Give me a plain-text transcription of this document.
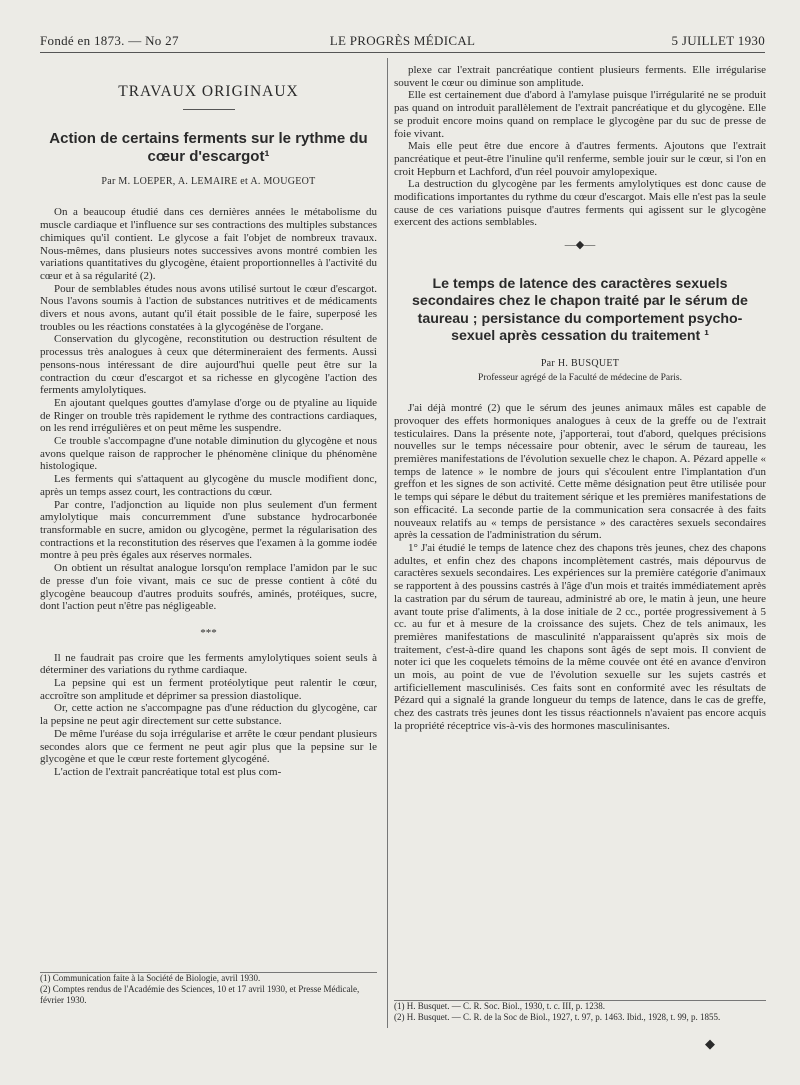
Fondé en 1873. — No 27	LE PROGRÈS MÉDICAL	5 JUILLET 1930
TRAVAUX ORIGINAUX
Action de certains ferments sur le rythme du cœur d'escargot¹
Par M. LOEPER, A. LEMAIRE et A. MOUGEOT

On a beaucoup étudié dans ces dernières années le métabolisme du muscle cardiaque et l'influence sur ses contractions des multiples substances chimiques qu'il contient. Le glycose a fait l'objet de nombreux travaux. Nous-mêmes, dans plusieurs notes successives avons montré combien les variations quantitatives du glycogène, étaient proportionnelles à l'activité du cœur et à sa régularité (2).

Pour de semblables études nous avons utilisé surtout le cœur d'escargot. Nous l'avons soumis à l'action de substances nutritives et de médicaments divers et nous avons, autant qu'il était possible de le faire, superposé les troubles ou les réactions constatées à la glycogénèse de l'organe.

Conservation du glycogène, reconstitution ou destruction résultent de processus très analogues à ceux que détermineraient des ferments. Aussi pensons-nous intéressant de dire aujourd'hui quelle peut être sur la contraction du cœur d'escargot et sa richesse en glycogène l'action des ferments amylolytiques.

En ajoutant quelques gouttes d'amylase d'orge ou de ptyaline au liquide de Ringer on trouble très rapidement le rythme des contractions cardiaques, on les rend irrégulières et on peut même les suspendre.

Ce trouble s'accompagne d'une notable diminution du glycogène et nous avons quelque raison de rapprocher le phénomène clinique du phénomène histologique.

Les ferments qui s'attaquent au glycogène du muscle modifient donc, après un temps assez court, les contractions du cœur.

Par contre, l'adjonction au liquide non plus seulement d'un ferment amylolytique mais concurremment d'une substance hydrocarbonée transformable en sucre, amidon ou glycogène, permet la régularisation des contractions et la reconstitution des réserves que l'examen à la gomme iodée montre à peu près égales aux réserves normales.

On obtient un résultat analogue lorsqu'on remplace l'amidon par le suc de presse d'un foie vivant, mais ce suc de presse contient à côté du glycogène beaucoup d'autres produits soufrés, aminés, protéiques, sucre, dont l'action peut n'être pas négligeable.

***

Il ne faudrait pas croire que les ferments amylolytiques soient seuls à déterminer des variations du rythme cardiaque.

La pepsine qui est un ferment protéolytique peut ralentir le cœur, accroître son amplitude et déprimer sa pression diastolique.

Or, cette action ne s'accompagne pas d'une réduction du glycogène, car la pepsine ne peut agir directement sur cette substance.

De même l'uréase du soja irrégularise et arrête le cœur pendant plusieurs secondes alors que ce ferment ne peut agir plus que la pepsine sur le glycogène et que le cœur reste fortement glycogéné.

L'action de l'extrait pancréatique total est plus com-

(1) Communication faite à la Société de Biologie, avril 1930.

(2) Comptes rendus de l'Académie des Sciences, 10 et 17 avril 1930, et Presse Médicale, février 1930.

plexe car l'extrait pancréatique contient plusieurs ferments. Elle irrégularise souvent le cœur ou diminue son amplitude.

Elle est certainement due d'abord à l'amylase puisque l'irrégularité ne se produit pas quand on introduit parallèlement de l'extrait pancréatique et du glycogène. Elle se produit encore moins quand on remplace le glycogène par du suc de presse de foie vivant.

Mais elle peut être due encore à d'autres ferments. Ajoutons que l'extrait pancréatique et peut-être l'inuline qu'il renferme, semble jouir sur le cœur, si l'on en croit Hepburn et Lachford, d'un réel pouvoir amylopexique.

La destruction du glycogène par les ferments amylolytiques est donc cause de modifications importantes du rythme du cœur d'escargot. Mais elle n'est pas la seule cause de ces variations puisque d'autres ferments qui agissent sur le glycogène exercent des actions semblables.

—◆—
Le temps de latence des caractères sexuels secondaires chez le chapon traité par le sérum de taureau ; persistance du comportement psycho-sexuel après cessation du traitement ¹
Par H. BUSQUET
Professeur agrégé de la Faculté de médecine de Paris.

J'ai déjà montré (2) que le sérum des jeunes animaux mâles est capable de provoquer des effets hormoniques analogues à ceux de la greffe ou de l'extrait testiculaires. Dans la présente note, j'apporterai, tout d'abord, quelques précisions nouvelles sur le temps nécessaire pour obtenir, avec le sérum de taureau, les premières manifestations de l'évolution sexuelle chez le chapon. A. Pézard appelle « temps de latence » le nombre de jours qui s'écoulent entre l'implantation d'un greffon et les signes de son activité. Cette même désignation peut être utilisée pour le temps qui sépare le début du traitement sérique et les premières manifestations de son efficacité. La seconde partie de la communication sera consacrée à des faits nouveaux relatifs au « temps de persistance » des caractères sexuels secondaires après la cessation de l'administration du sérum.

1° J'ai étudié le temps de latence chez des chapons très jeunes, chez des chapons adultes, et enfin chez des chapons incomplètement castrés, mais dépourvus de caractères sexuels secondaires. Les expériences sur la première catégorie d'animaux se rapportent à des poussins castrés à l'âge d'un mois et traités immédiatement après la castration par du sérum de taureau, administré ab ore, le matin à jeun, une heure avant toute prise d'aliments, à la dose initiale de 2 cc., portée progressivement à 5 cc. au fur et à mesure de la croissance des sujets. Chez de tels animaux, les premières manifestations de masculinité n'apparaissent qu'après six mois de traitement, c'est-à-dire quand les chapons sont âgés de sept mois. Il convient de noter ici que les coquelets témoins de la même couvée ont été en avance d'environ un mois, au point de vue de l'évolution sexuelle sur les sujets castrés et artificiellement masculinisés. Ces faits sont en conformité avec les résultats de Pézard qui a signalé la grande longueur du temps de latence, dans le cas de greffe, chez des castrats très jeunes dont les tissus réactionnels n'avaient pas encore acquis la propriété réceptrice vis-à-vis des hormones masculinisantes.

(1) H. Busquet. — C. R. Soc. Biol., 1930, t. c. III, p. 1238.

(2) H. Busquet. — C. R. de la Soc de Biol., 1927, t. 97, p. 1463. Ibid., 1928, t. 99, p. 1855.

◆
